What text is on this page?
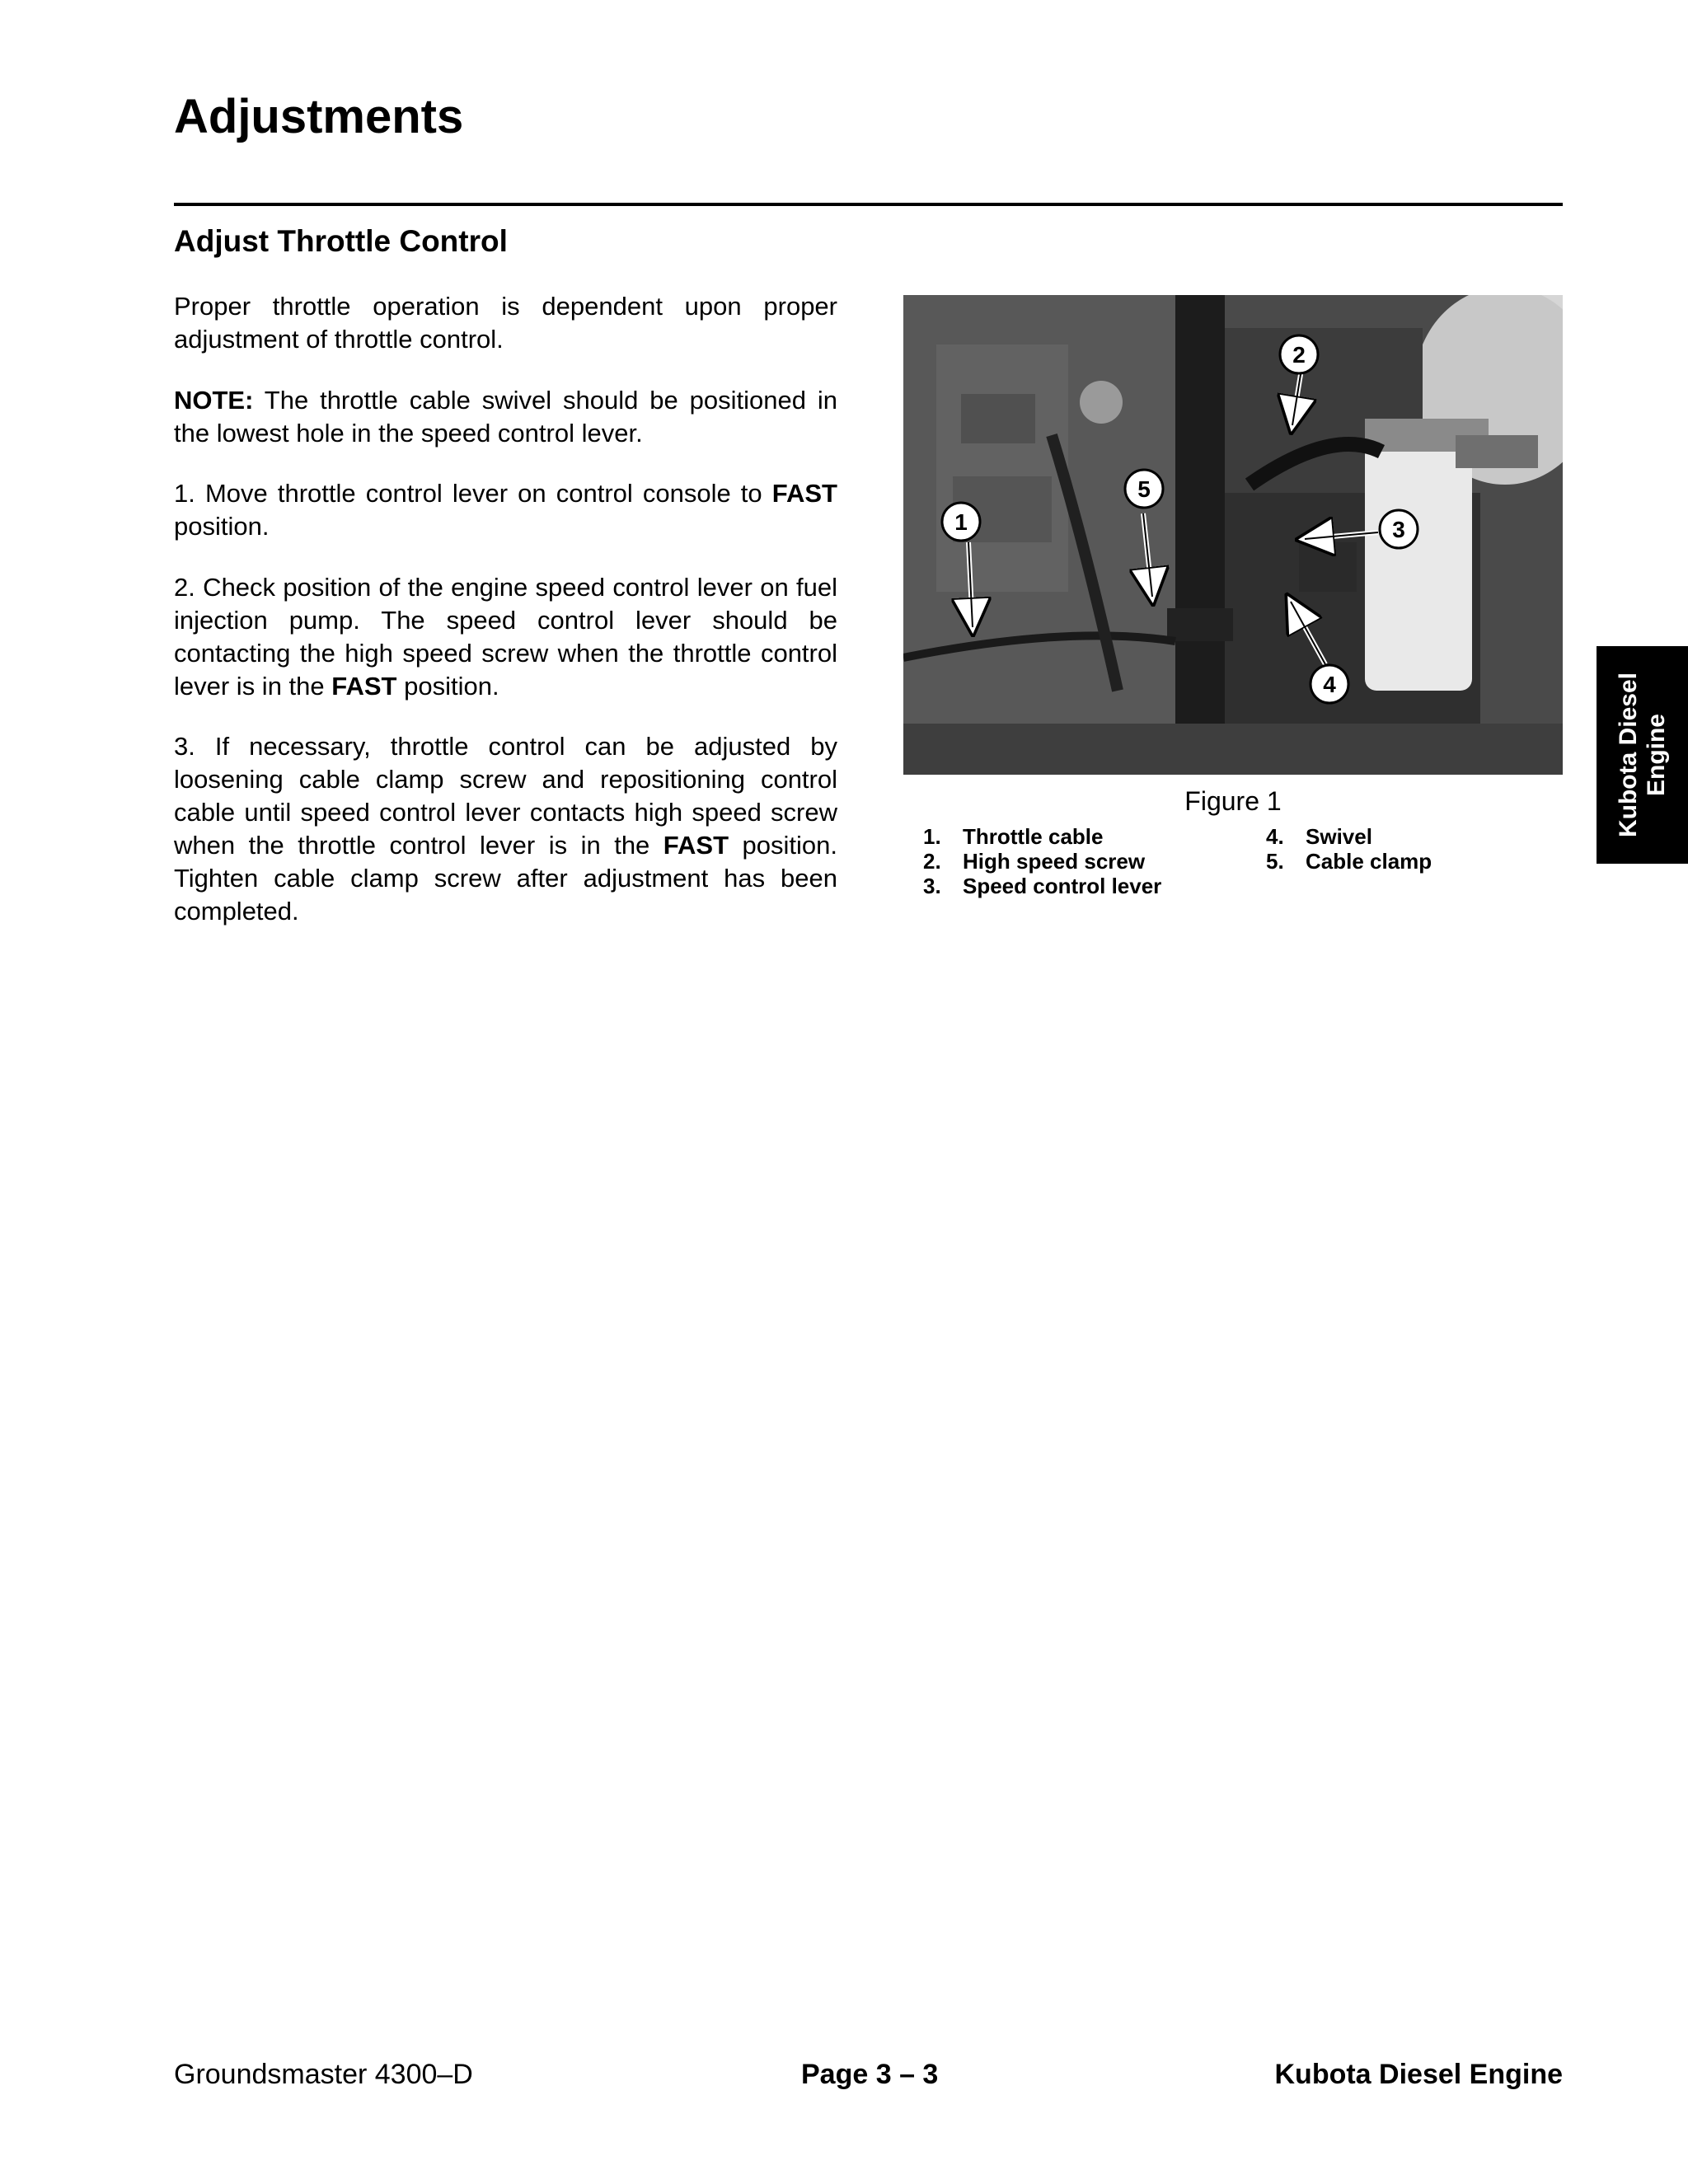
Adjustments
Adjust Throttle Control

Proper throttle operation is dependent upon proper adjustment of throttle control.

NOTE: The throttle cable swivel should be positioned in the lowest hole in the speed control lever.

1. Move throttle control lever on control console to FAST position.

2. Check position of the engine speed control lever on fuel injection pump. The speed control lever should be contacting the high speed screw when the throttle control lever is in the FAST position.

3. If necessary, throttle control can be adjusted by loosening cable clamp screw and repositioning control cable until speed control lever contacts high speed screw when the throttle control lever is in the FAST position. Tighten cable clamp screw after adjustment has been completed.

1
2
3
4
5
Figure 1
1. Throttle cable
2. High speed screw
3. Speed control lever
4. Swivel
5. Cable clamp
Kubota Diesel Engine
Groundsmaster 4300–D	Page 3 – 3	Kubota Diesel Engine
